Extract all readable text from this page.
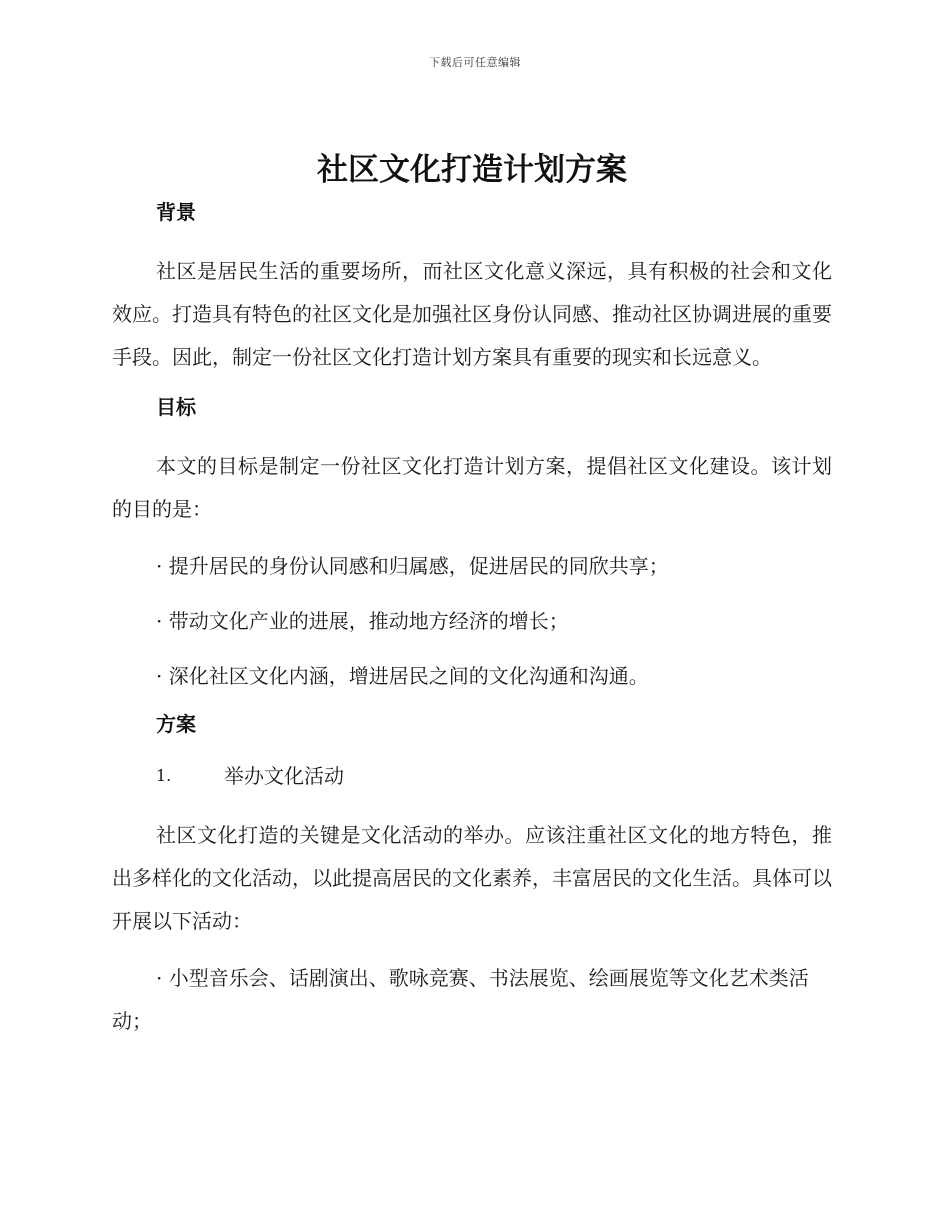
下载后可任意编辑
社区文化打造计划方案
背景

社区是居民生活的重要场所，而社区文化意义深远，具有积极的社会和文化效应。打造具有特色的社区文化是加强社区身份认同感、推动社区协调进展的重要手段。因此，制定一份社区文化打造计划方案具有重要的现实和长远意义。

目标

本文的目标是制定一份社区文化打造计划方案，提倡社区文化建设。该计划的目的是：

· 提升居民的身份认同感和归属感，促进居民的同欣共享；

· 带动文化产业的进展，推动地方经济的增长；

· 深化社区文化内涵，增进居民之间的文化沟通和沟通。

方案
1.	举办文化活动

社区文化打造的关键是文化活动的举办。应该注重社区文化的地方特色，推出多样化的文化活动，以此提高居民的文化素养，丰富居民的文化生活。具体可以开展以下活动：

· 小型音乐会、话剧演出、歌咏竞赛、书法展览、绘画展览等文化艺术类活动；
